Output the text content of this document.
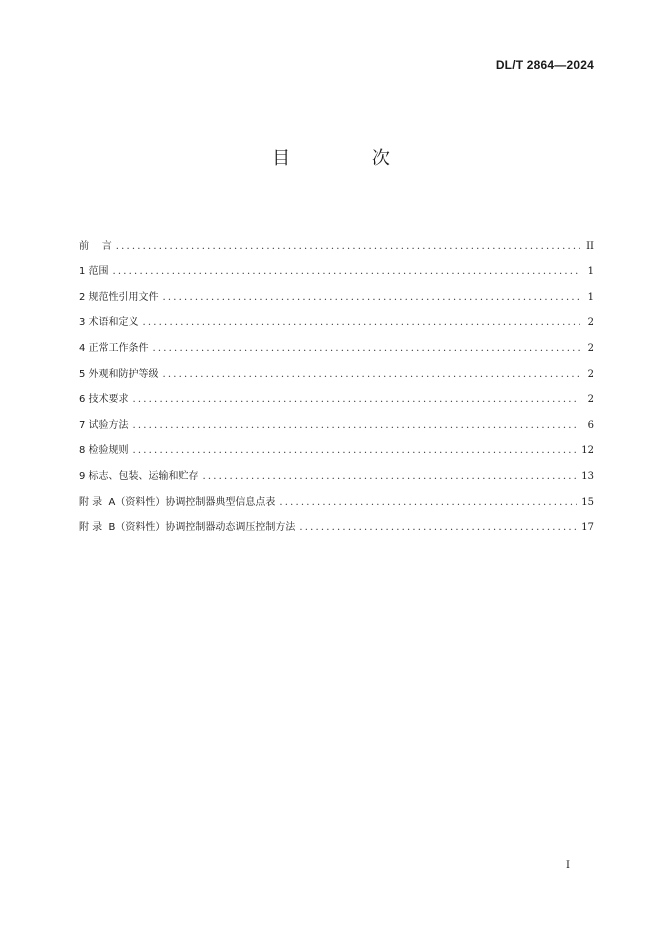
DL/T 2864—2024
目 次
前    言 .....	II
1 范围 .....	1
2 规范性引用文件 .....	1
3 术语和定义 .....	2
4 正常工作条件 .....	2
5 外观和防护等级 .....	2
6 技术要求 .....	2
7 试验方法 .....	6
8 检验规则 .....	12
9 标志、包装、运输和贮存 .....	13
附 录  A（资料性）协调控制器典型信息点表 .....	15
附 录  B（资料性）协调控制器动态调压控制方法 .....	17
I
